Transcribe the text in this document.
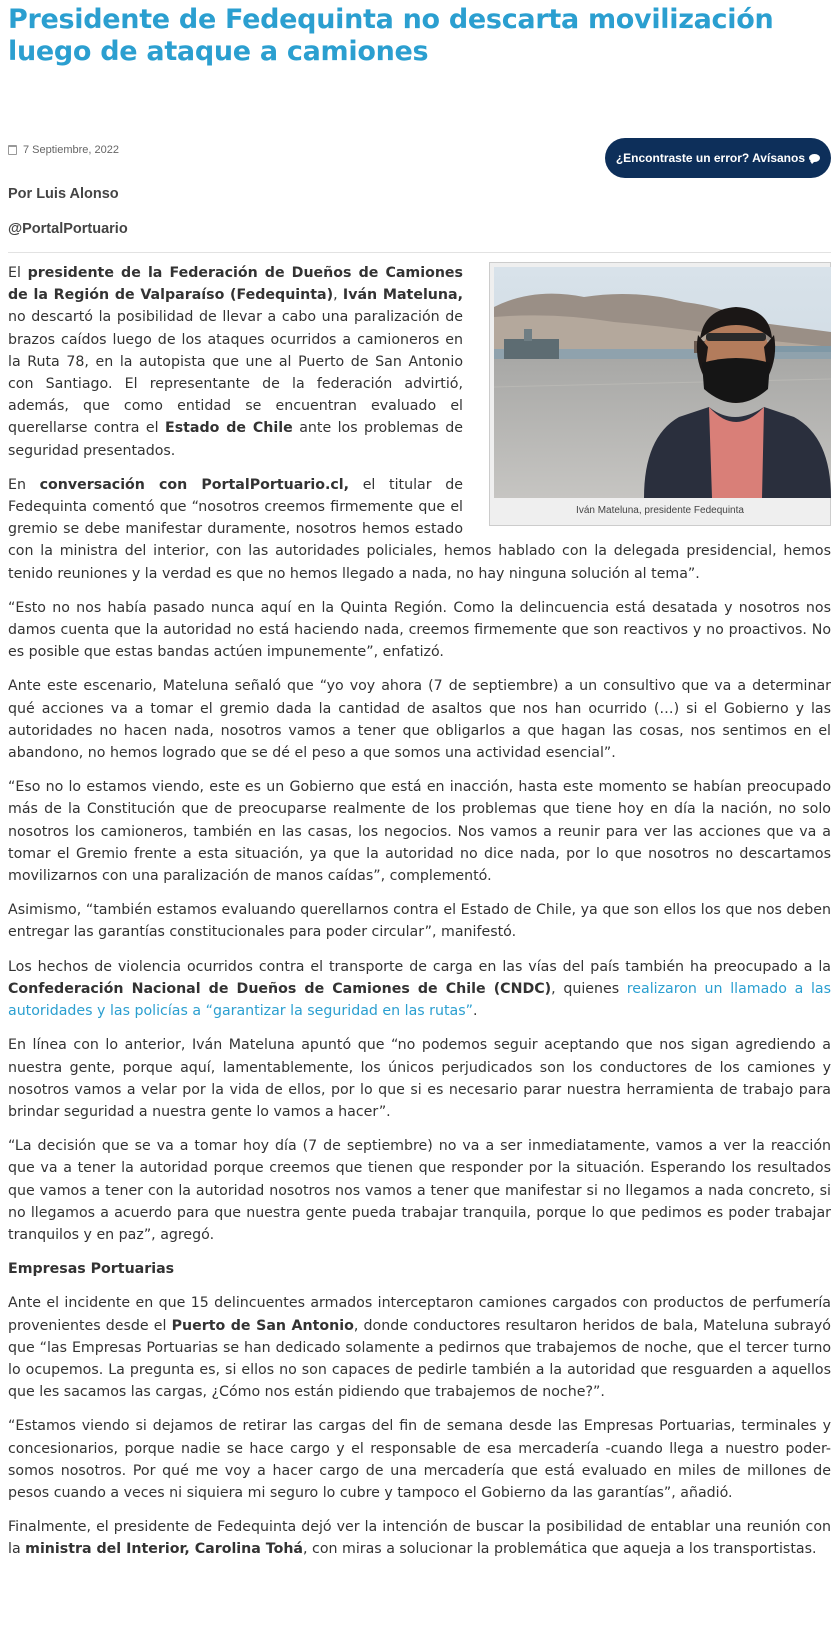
Presidente de Fedequinta no descarta movilización luego de ataque a camiones
7 Septiembre, 2022
¿Encontraste un error? Avísanos
Por Luis Alonso
@PortalPortuario
Iván Mateluna, presidente Fedequinta

El presidente de la Federación de Dueños de Camiones de la Región de Valparaíso (Fedequinta), Iván Mateluna, no descartó la posibilidad de llevar a cabo una paralización de brazos caídos luego de los ataques ocurridos a camioneros en la Ruta 78, en la autopista que une al Puerto de San Antonio con Santiago. El representante de la federación advirtió, además, que como entidad se encuentran evaluado el querellarse contra el Estado de Chile ante los problemas de seguridad presentados.

En conversación con PortalPortuario.cl, el titular de Fedequinta comentó que “nosotros creemos firmemente que el gremio se debe manifestar duramente, nosotros hemos estado con la ministra del interior, con las autoridades policiales, hemos hablado con la delegada presidencial, hemos tenido reuniones y la verdad es que no hemos llegado a nada, no hay ninguna solución al tema”.

“Esto no nos había pasado nunca aquí en la Quinta Región. Como la delincuencia está desatada y nosotros nos damos cuenta que la autoridad no está haciendo nada, creemos firmemente que son reactivos y no proactivos. No es posible que estas bandas actúen impunemente”, enfatizó.

Ante este escenario, Mateluna señaló que “yo voy ahora (7 de septiembre) a un consultivo que va a determinar qué acciones va a tomar el gremio dada la cantidad de asaltos que nos han ocurrido (…) si el Gobierno y las autoridades no hacen nada, nosotros vamos a tener que obligarlos a que hagan las cosas, nos sentimos en el abandono, no hemos logrado que se dé el peso a que somos una actividad esencial”.

“Eso no lo estamos viendo, este es un Gobierno que está en inacción, hasta este momento se habían preocupado más de la Constitución que de preocuparse realmente de los problemas que tiene hoy en día la nación, no solo nosotros los camioneros, también en las casas, los negocios. Nos vamos a reunir para ver las acciones que va a tomar el Gremio frente a esta situación, ya que la autoridad no dice nada, por lo que nosotros no descartamos movilizarnos con una paralización de manos caídas”, complementó.

Asimismo, “también estamos evaluando querellarnos contra el Estado de Chile, ya que son ellos los que nos deben entregar las garantías constitucionales para poder circular”, manifestó.

Los hechos de violencia ocurridos contra el transporte de carga en las vías del país también ha preocupado a la Confederación Nacional de Dueños de Camiones de Chile (CNDC), quienes realizaron un llamado a las autoridades y las policías a “garantizar la seguridad en las rutas”.

En línea con lo anterior, Iván Mateluna apuntó que “no podemos seguir aceptando que nos sigan agrediendo a nuestra gente, porque aquí, lamentablemente, los únicos perjudicados son los conductores de los camiones y nosotros vamos a velar por la vida de ellos, por lo que si es necesario parar nuestra herramienta de trabajo para brindar seguridad a nuestra gente lo vamos a hacer”.

“La decisión que se va a tomar hoy día (7 de septiembre) no va a ser inmediatamente, vamos a ver la reacción que va a tener la autoridad porque creemos que tienen que responder por la situación. Esperando los resultados que vamos a tener con la autoridad nosotros nos vamos a tener que manifestar si no llegamos a nada concreto, si no llegamos a acuerdo para que nuestra gente pueda trabajar tranquila, porque lo que pedimos es poder trabajar tranquilos y en paz”, agregó.

Empresas Portuarias

Ante el incidente en que 15 delincuentes armados interceptaron camiones cargados con productos de perfumería provenientes desde el Puerto de San Antonio, donde conductores resultaron heridos de bala, Mateluna subrayó que “las Empresas Portuarias se han dedicado solamente a pedirnos que trabajemos de noche, que el tercer turno lo ocupemos. La pregunta es, si ellos no son capaces de pedirle también a la autoridad que resguarden a aquellos que les sacamos las cargas, ¿Cómo nos están pidiendo que trabajemos de noche?”.

“Estamos viendo si dejamos de retirar las cargas del fin de semana desde las Empresas Portuarias, terminales y concesionarios, porque nadie se hace cargo y el responsable de esa mercadería -cuando llega a nuestro poder- somos nosotros. Por qué me voy a hacer cargo de una mercadería que está evaluado en miles de millones de pesos cuando a veces ni siquiera mi seguro lo cubre y tampoco el Gobierno da las garantías”, añadió.

Finalmente, el presidente de Fedequinta dejó ver la intención de buscar la posibilidad de entablar una reunión con la ministra del Interior, Carolina Tohá, con miras a solucionar la problemática que aqueja a los transportistas.
